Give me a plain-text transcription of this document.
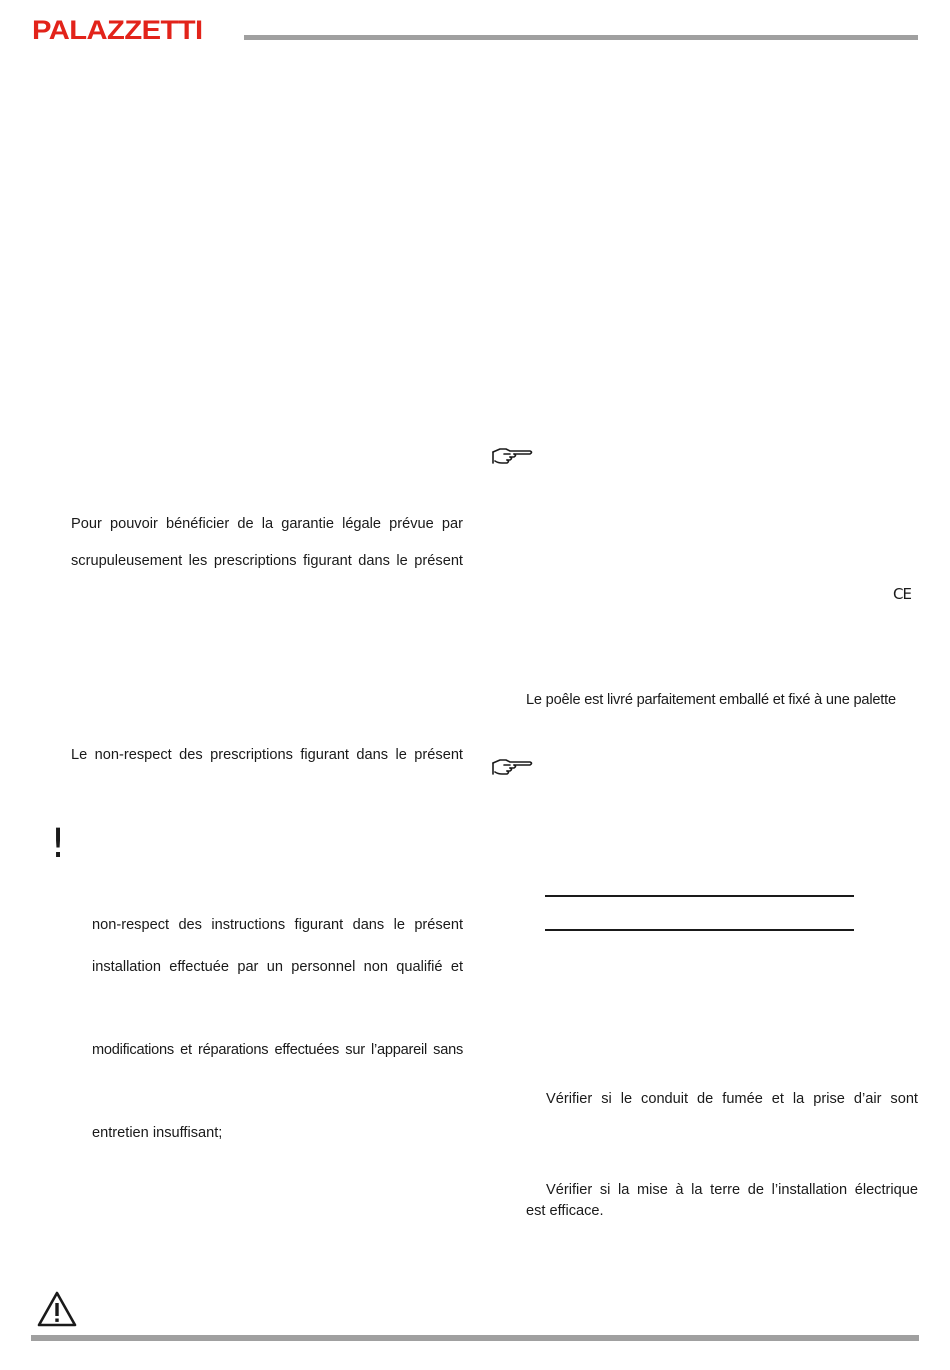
PALAZZETTI
Pour pouvoir bénéficier de la garantie légale prévue par
scrupuleusement les prescriptions figurant dans le présent
Le non-respect des prescriptions figurant dans le présent
!
non-respect des instructions figurant dans le présent
installation effectuée par un personnel non qualifié et
modifications et réparations effectuées sur l’appareil sans
entretien insuffisant;
CE
Le poêle est livré parfaitement emballé et fixé à une palette
Vérifier si le conduit de fumée et la prise d’air sont
Vérifier si la mise à la terre de l’installation électrique
est efficace.
